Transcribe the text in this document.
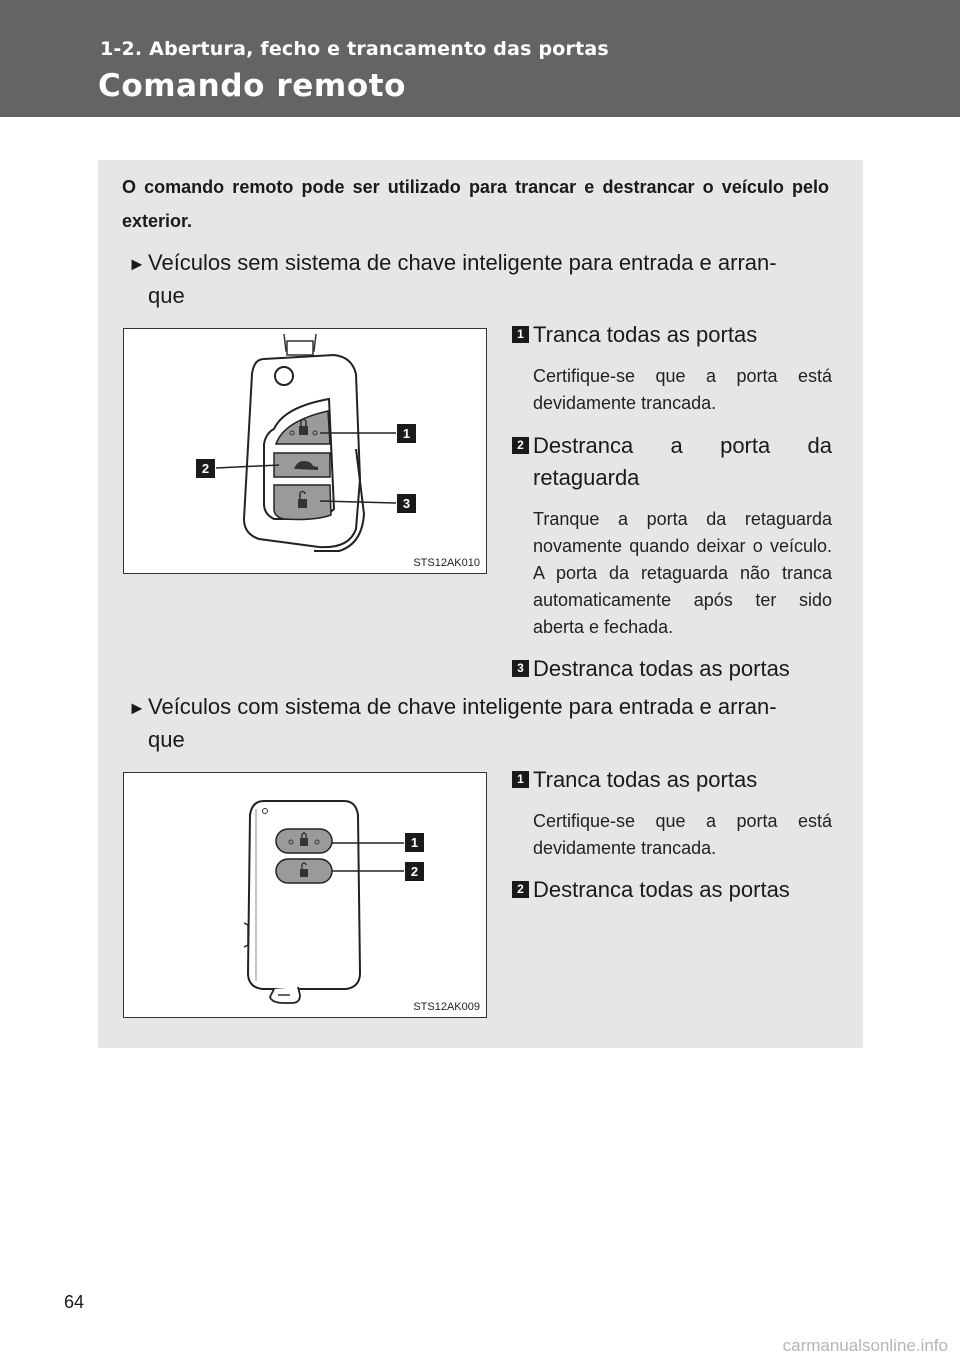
1-2. Abertura, fecho e trancamento das portas
Comando remoto

O comando remoto pode ser utilizado para trancar e destrancar o veículo pelo exterior.

►Veículos sem sistema de chave inteligente para entrada e arran-
que

1
2
3
STS12AK010
1 Tranca todas as portas
Certifique-se que a porta está devidamente trancada.
2 Destranca a porta da retaguarda
Tranque a porta da retaguarda novamente quando deixar o veículo. A porta da retaguarda não tranca automaticamente após ter sido aberta e fechada.
3 Destranca todas as portas

►Veículos com sistema de chave inteligente para entrada e arran-
que

1
2
STS12AK009
1 Tranca todas as portas
Certifique-se que a porta está devidamente trancada.
2 Destranca todas as portas
64
carmanualsonline.info
